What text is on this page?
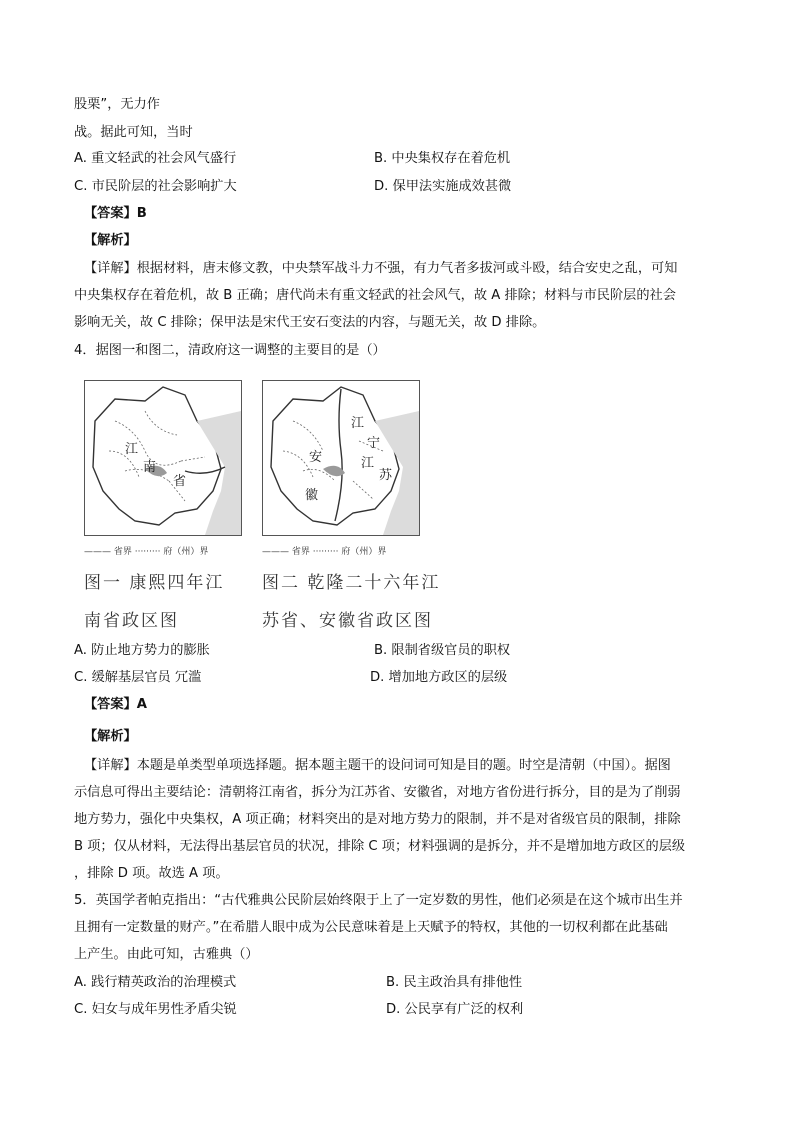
股栗”，无力作
战。据此可知，当时
A. 重文轻武的社会风气盛行	B. 中央集权存在着危机
C. 市民阶层的社会影响扩大	D. 保甲法实施成效甚微
【答案】B
【解析】
【详解】根据材料，唐末修文教，中央禁军战斗力不强，有力气者多拔河或斗殴，结合安史之乱，可知
中央集权存在着危机，故 B 正确；唐代尚未有重文轻武的社会风气，故 A 排除；材料与市民阶层的社会
影响无关，故 C 排除；保甲法是宋代王安石变法的内容，与题无关，故 D 排除。
4．据图一和图二，清政府这一调整的主要目的是（）
江
南
省
——— 省界 ········· 府（州）界
图一 康熙四年江
南省政区图
江
宁
安	江
苏
徽
——— 省界 ········· 府（州）界
图二 乾隆二十六年江
苏省、安徽省政区图
A. 防止地方势力的膨胀	B. 限制省级官员的职权
C. 缓解基层官员 冗滥	D. 增加地方政区的层级
【答案】A
【解析】
【详解】本题是单类型单项选择题。据本题主题干的设问词可知是目的题。时空是清朝（中国）。据图
示信息可得出主要结论：清朝将江南省，拆分为江苏省、安徽省，对地方省份进行拆分，目的是为了削弱
地方势力，强化中央集权，A 项正确；材料突出的是对地方势力的限制，并不是对省级官员的限制，排除
B 项；仅从材料，无法得出基层官员的状况，排除 C 项；材料强调的是拆分，并不是增加地方政区的层级
，排除 D 项。故选 A 项。
5．英国学者帕克指出：“古代雅典公民阶层始终限于上了一定岁数的男性，他们必须是在这个城市出生并
且拥有一定数量的财产。”在希腊人眼中成为公民意味着是上天赋予的特权，其他的一切权利都在此基础
上产生。由此可知，古雅典（）
A. 践行精英政治的治理模式	B. 民主政治具有排他性
C. 妇女与成年男性矛盾尖锐	D. 公民享有广泛的权利
